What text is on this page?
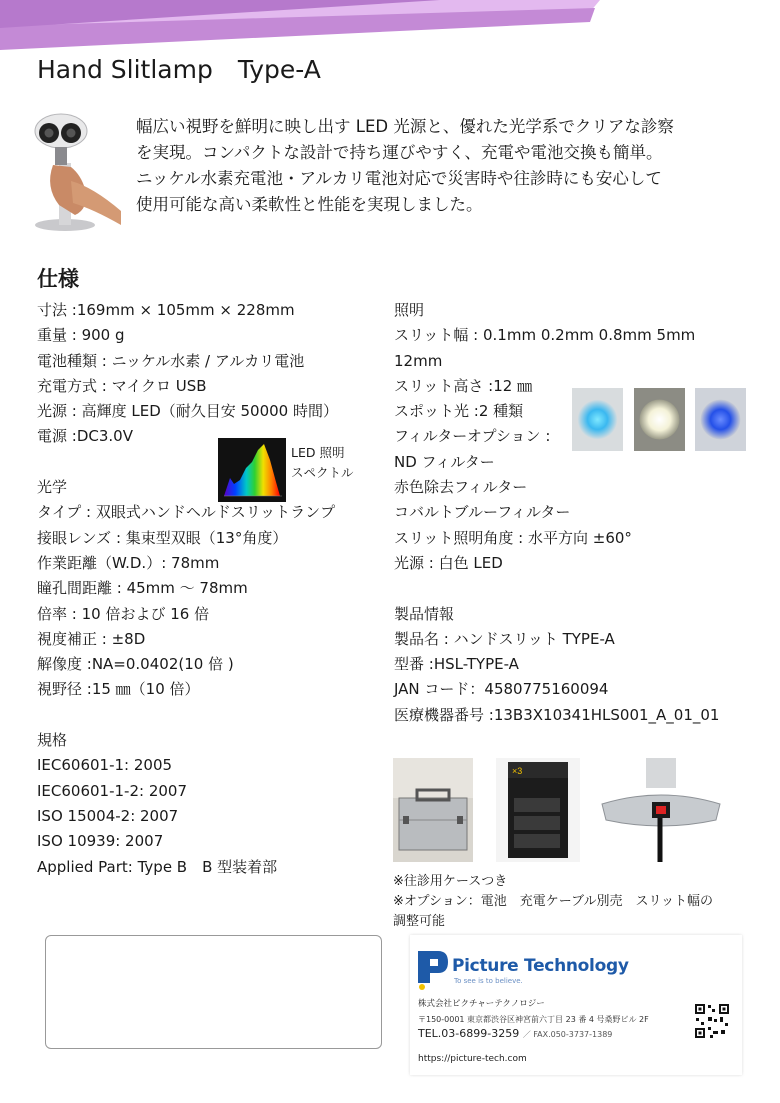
Hand Slitlamp　Type-A
幅広い視野を鮮明に映し出す LED 光源と、優れた光学系でクリアな診察
を実現。コンパクトな設計で持ち運びやすく、充電や電池交換も簡単。
ニッケル水素充電池・アルカリ電池対応で災害時や往診時にも安心して
使用可能な高い柔軟性と性能を実現しました。
仕様
寸法 :169mm × 105mm × 228mm
重量 : 900 g
電池種類 : ニッケル水素 / アルカリ電池
充電方式 : マイクロ USB
光源 : 高輝度 LED（耐久目安 50000 時間）
電源 :DC3.0V
光学
タイプ : 双眼式ハンドヘルドスリットランプ
接眼レンズ : 集束型双眼（13°角度）
作業距離（W.D.）: 78mm
瞳孔間距離 : 45mm 〜 78mm
倍率 : 10 倍および 16 倍
視度補正 : ±8D
解像度 :NA=0.0402(10 倍 )
視野径 :15 ㎜（10 倍）
規格
IEC60601-1: 2005
IEC60601-1-2: 2007
ISO 15004-2: 2007
ISO 10939: 2007
Applied Part: Type B　B 型装着部
LED 照明
スペクトル
照明
スリット幅 : 0.1mm 0.2mm 0.8mm 5mm
12mm
スリット高さ :12 ㎜
スポット光 :2 種類
フィルターオプション :
ND フィルター
赤色除去フィルター
コバルトブルーフィルター
スリット照明角度 : 水平方向 ±60°
光源 : 白色 LED
製品情報
製品名 : ハンドスリット TYPE-A
型番 :HSL-TYPE-A
JAN コード：4580775160094
医療機器番号 :13B3X10341HLS001_A_01_01
×3
※往診用ケースつき
※オプション：電池　充電ケーブル別売　スリット幅の
調整可能
Picture Technology
To see is to believe.
株式会社ピクチャーテクノロジー
〒150-0001 東京都渋谷区神宮前六丁目 23 番 4 号桑野ビル 2F
TEL.03-6899-3259 ／ FAX.050-3737-1389
https://picture-tech.com
